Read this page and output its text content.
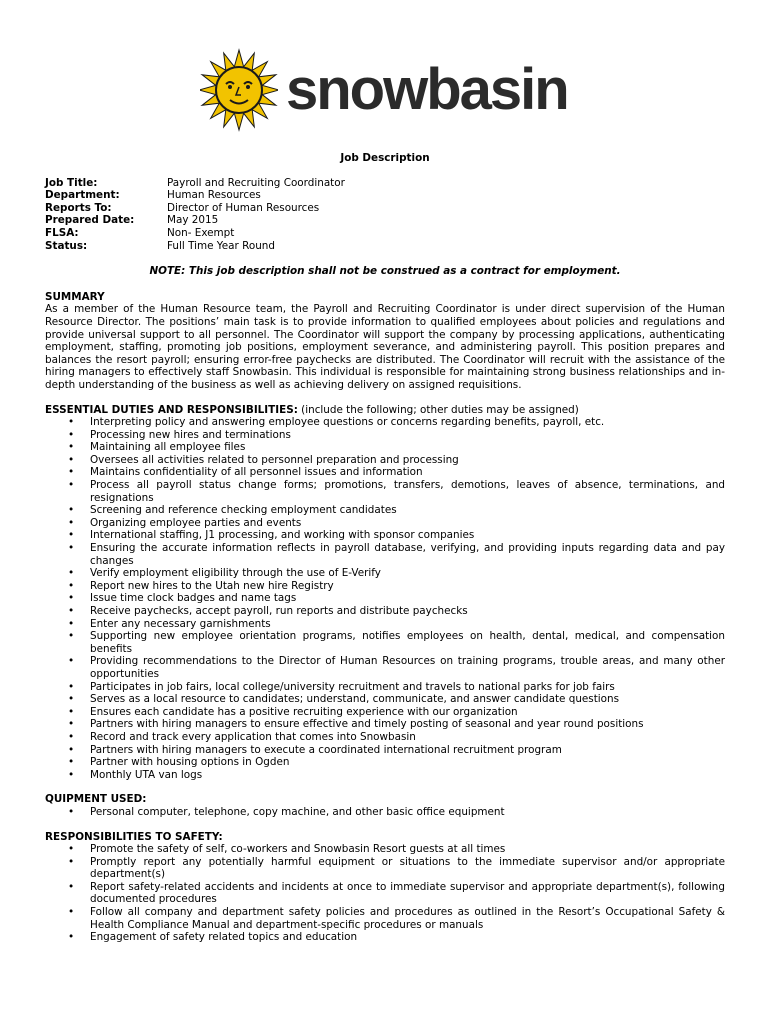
snowbasin
Job Description
Job Title:	Payroll and Recruiting Coordinator
Department:	Human Resources
Reports To:	Director of Human Resources
Prepared Date:	May 2015
FLSA:	Non- Exempt
Status:	Full Time Year Round
NOTE: This job description shall not be construed as a contract for employment.
SUMMARY
As a member of the Human Resource team, the Payroll and Recruiting Coordinator is under direct supervision of the Human Resource Director. The positions’ main task is to provide information to qualified employees about policies and regulations and provide universal support to all personnel. The Coordinator will support the company by processing applications, authenticating employment, staffing, promoting job positions, employment severance, and administering payroll. This position prepares and balances the resort payroll; ensuring error-free paychecks are distributed. The Coordinator will recruit with the assistance of the hiring managers to effectively staff Snowbasin. This individual is responsible for maintaining strong business relationships and in-depth understanding of the business as well as achieving delivery on assigned requisitions.
ESSENTIAL DUTIES AND RESPONSIBILITIES: (include the following; other duties may be assigned)
• Interpreting policy and answering employee questions or concerns regarding benefits, payroll, etc.
• Processing new hires and terminations
• Maintaining all employee files
• Oversees all activities related to personnel preparation and processing
• Maintains confidentiality of all personnel issues and information
• Process all payroll status change forms; promotions, transfers, demotions, leaves of absence, terminations, and resignations
• Screening and reference checking employment candidates
• Organizing employee parties and events
• International staffing, J1 processing, and working with sponsor companies
• Ensuring the accurate information reflects in payroll database, verifying, and providing inputs regarding data and pay changes
• Verify employment eligibility through the use of E-Verify
• Report new hires to the Utah new hire Registry
• Issue time clock badges and name tags
• Receive paychecks, accept payroll, run reports and distribute paychecks
• Enter any necessary garnishments
• Supporting new employee orientation programs, notifies employees on health, dental, medical, and compensation benefits
• Providing recommendations to the Director of Human Resources on training programs, trouble areas, and many other opportunities
• Participates in job fairs, local college/university recruitment and travels to national parks for job fairs
• Serves as a local resource to candidates; understand, communicate, and answer candidate questions
• Ensures each candidate has a positive recruiting experience with our organization
• Partners with hiring managers to ensure effective and timely posting of seasonal and year round positions
• Record and track every application that comes into Snowbasin
• Partners with hiring managers to execute a coordinated international recruitment program
• Partner with housing options in Ogden
• Monthly UTA van logs
QUIPMENT USED:
• Personal computer, telephone, copy machine, and other basic office equipment
RESPONSIBILITIES TO SAFETY:
• Promote the safety of self, co-workers and Snowbasin Resort guests at all times
• Promptly report any potentially harmful equipment or situations to the immediate supervisor and/or appropriate department(s)
• Report safety-related accidents and incidents at once to immediate supervisor and appropriate department(s), following documented procedures
• Follow all company and department safety policies and procedures as outlined in the Resort’s Occupational Safety & Health Compliance Manual and department-specific procedures or manuals
• Engagement of safety related topics and education
